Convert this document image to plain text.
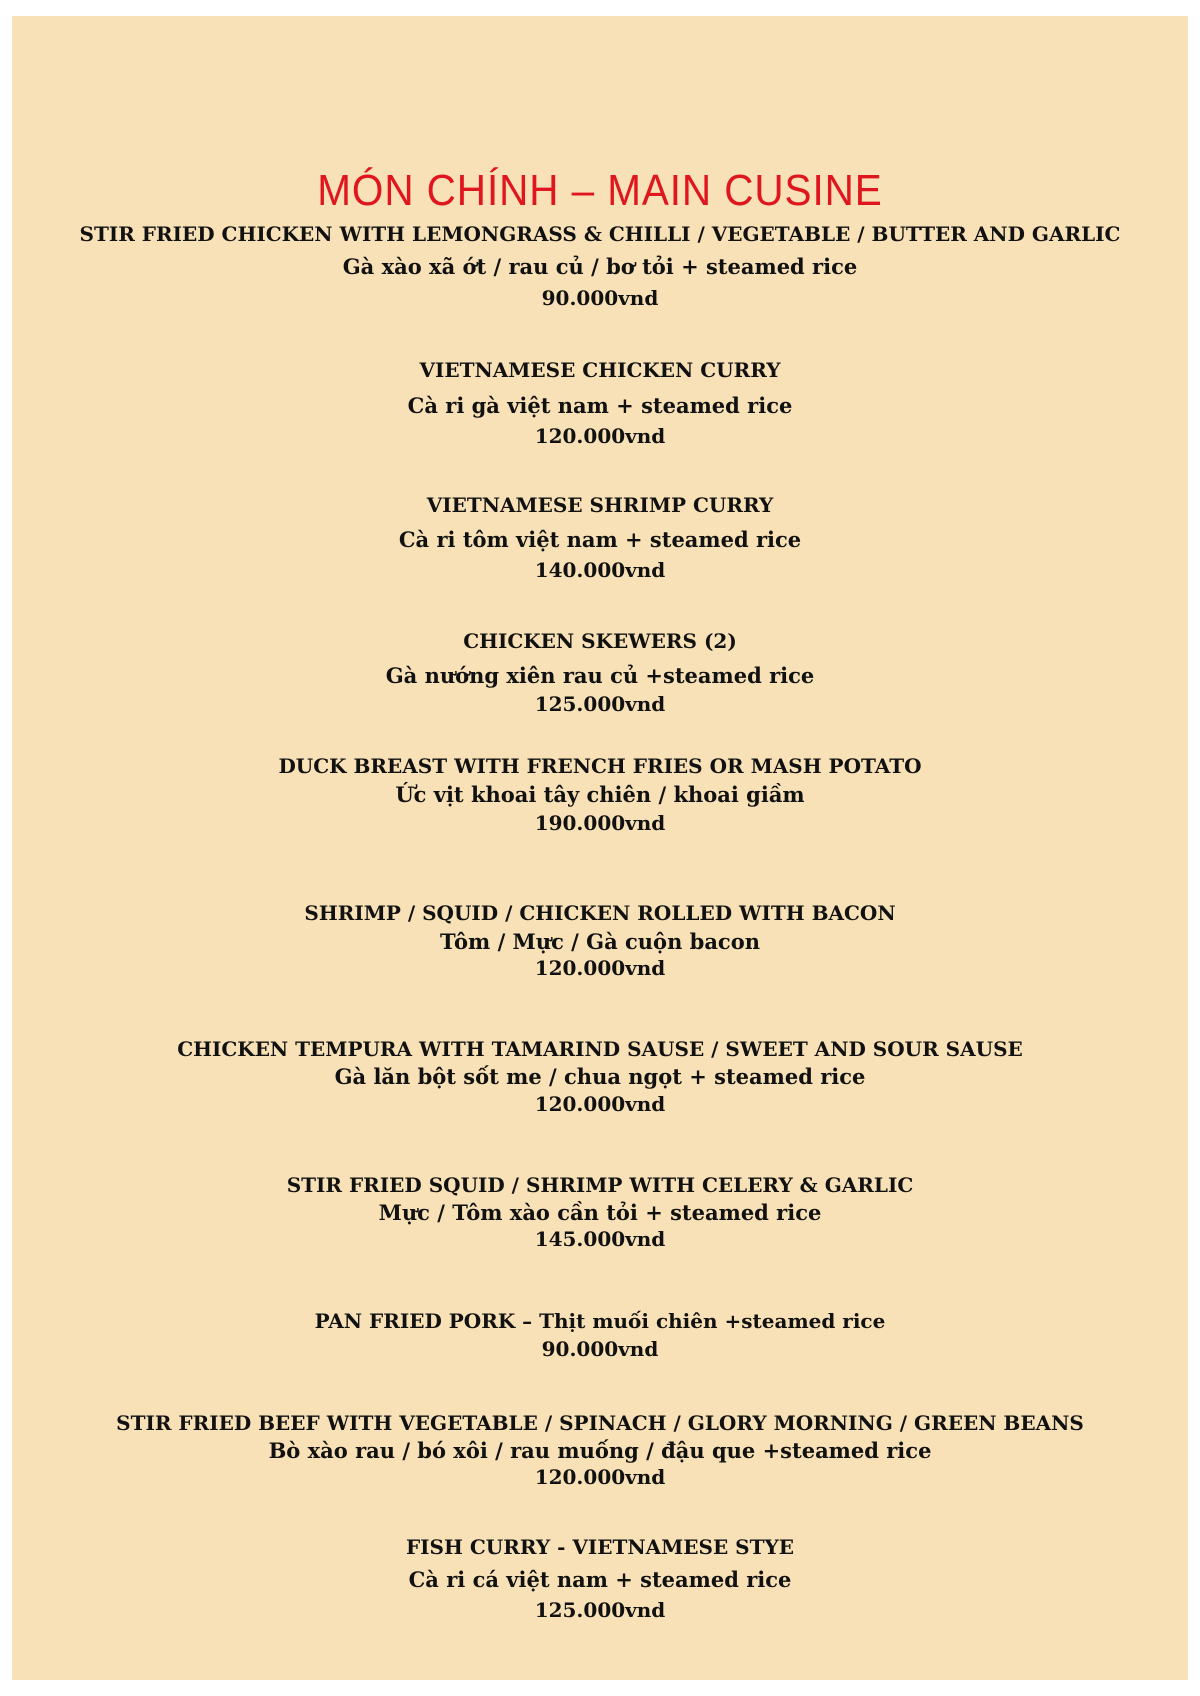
MÓN CHÍNH – MAIN CUSINE
STIR FRIED CHICKEN WITH LEMONGRASS & CHILLI / VEGETABLE / BUTTER AND GARLIC
Gà xào xã ớt / rau củ / bơ tỏi + steamed rice
90.000vnd
VIETNAMESE CHICKEN CURRY
Cà ri gà việt nam + steamed rice
120.000vnd
VIETNAMESE SHRIMP CURRY
Cà ri tôm việt nam + steamed rice
140.000vnd
CHICKEN SKEWERS (2)
Gà nướng xiên rau củ +steamed rice
125.000vnd
DUCK BREAST WITH FRENCH FRIES OR MASH POTATO
Ức vịt khoai tây chiên / khoai giầm
190.000vnd
SHRIMP / SQUID / CHICKEN ROLLED WITH BACON
Tôm / Mực / Gà cuộn bacon
120.000vnd
CHICKEN TEMPURA WITH TAMARIND SAUSE / SWEET AND SOUR SAUSE
Gà lăn bột sốt me / chua ngọt + steamed rice
120.000vnd
STIR FRIED SQUID / SHRIMP WITH CELERY & GARLIC
Mực / Tôm xào cần tỏi + steamed rice
145.000vnd
PAN FRIED PORK – Thịt muối chiên +steamed rice
90.000vnd
STIR FRIED BEEF WITH VEGETABLE / SPINACH / GLORY MORNING / GREEN BEANS
Bò xào rau / bó xôi / rau muống / đậu que +steamed rice
120.000vnd
FISH CURRY - VIETNAMESE STYE
Cà ri cá việt nam + steamed rice
125.000vnd
